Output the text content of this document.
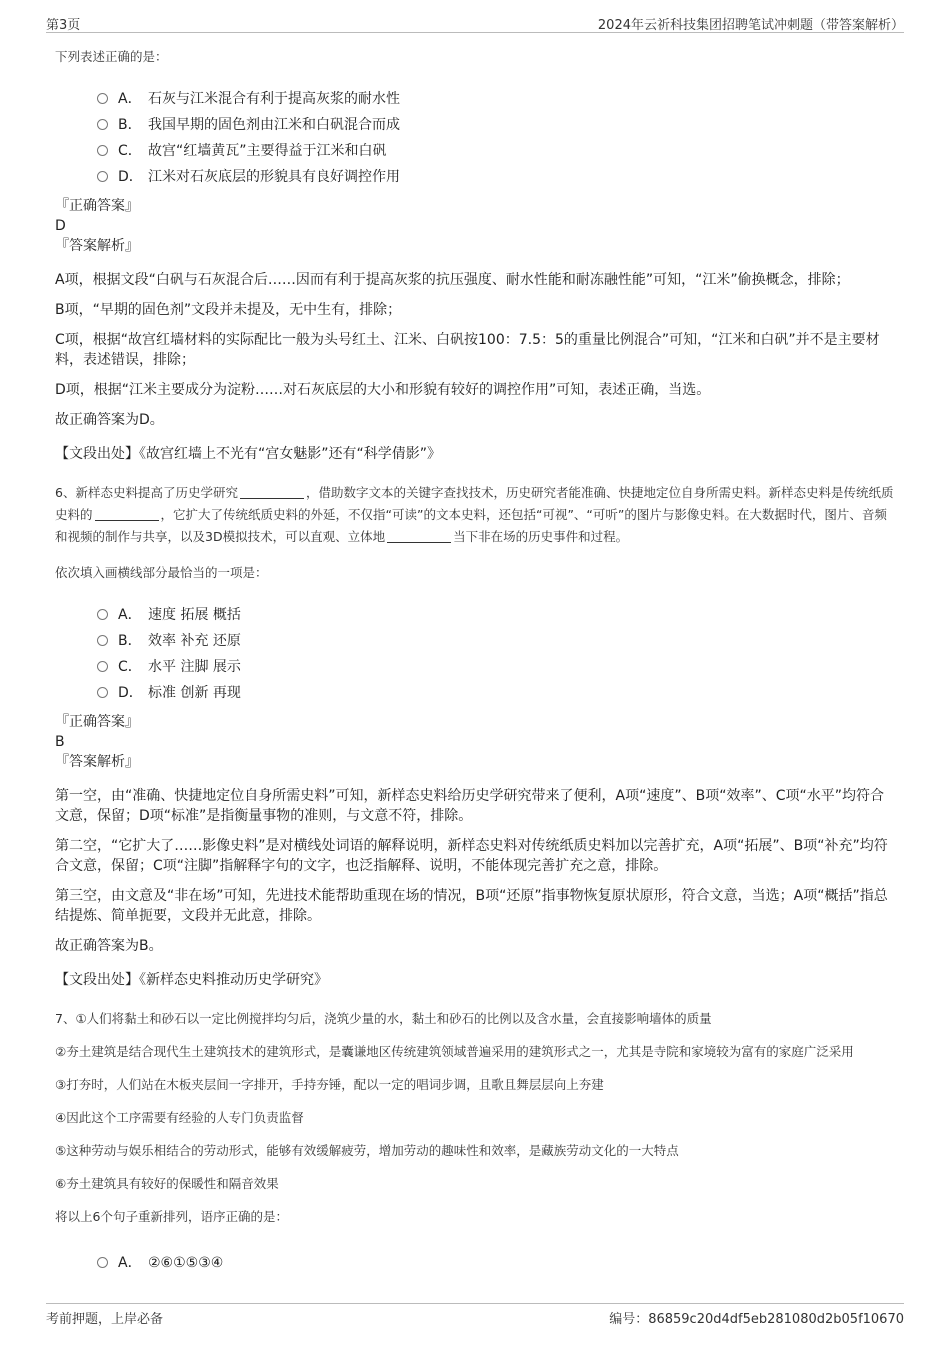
第3页	2024年云祈科技集团招聘笔试冲刺题（带答案解析）

下列表述正确的是：

A． 石灰与江米混合有利于提高灰浆的耐水性
B． 我国早期的固色剂由江米和白矾混合而成
C． 故宫“红墙黄瓦”主要得益于江米和白矾
D． 江米对石灰底层的形貌具有良好调控作用

『正确答案』

D

『答案解析』

A项，根据文段“白矾与石灰混合后……因而有利于提高灰浆的抗压强度、耐水性能和耐冻融性能”可知，“江米”偷换概念，排除；

B项，“早期的固色剂”文段并未提及，无中生有，排除；

C项，根据“故宫红墙材料的实际配比一般为头号红土、江米、白矾按100：7.5：5的重量比例混合”可知，“江米和白矾”并不是主要材料，表述错误，排除；

D项，根据“江米主要成分为淀粉……对石灰底层的大小和形貌有较好的调控作用”可知，表述正确，当选。

故正确答案为D。

【文段出处】《故宫红墙上不光有“宫女魅影”还有“科学倩影”》

6、新样态史料提高了历史学研究	，借助数字文本的关键字查找技术，历史研究者能准确、快捷地定位自身所需史料。新样态史料是传统纸质史料的	，它扩大了传统纸质史料的外延，不仅指“可读”的文本史料，还包括“可视”、“可听”的图片与影像史料。在大数据时代，图片、音频和视频的制作与共享，以及3D模拟技术，可以直观、立体地	当下非在场的历史事件和过程。

依次填入画横线部分最恰当的一项是：

A． 速度 拓展 概括
B． 效率 补充 还原
C． 水平 注脚 展示
D． 标准 创新 再现

『正确答案』

B

『答案解析』

第一空，由“准确、快捷地定位自身所需史料”可知，新样态史料给历史学研究带来了便利，A项“速度”、B项“效率”、C项“水平”均符合文意，保留；D项“标准”是指衡量事物的准则，与文意不符，排除。

第二空，“它扩大了……影像史料”是对横线处词语的解释说明，新样态史料对传统纸质史料加以完善扩充，A项“拓展”、B项“补充”均符合文意，保留；C项“注脚”指解释字句的文字，也泛指解释、说明，不能体现完善扩充之意，排除。

第三空，由文意及“非在场”可知，先进技术能帮助重现在场的情况，B项“还原”指事物恢复原状原形，符合文意，当选；A项“概括”指总结提炼、简单扼要，文段并无此意，排除。

故正确答案为B。

【文段出处】《新样态史料推动历史学研究》

7、①人们将黏土和砂石以一定比例搅拌均匀后，浇筑少量的水，黏土和砂石的比例以及含水量，会直接影响墙体的质量

②夯土建筑是结合现代生土建筑技术的建筑形式，是囊谦地区传统建筑领域普遍采用的建筑形式之一，尤其是寺院和家境较为富有的家庭广泛采用

③打夯时，人们站在木板夹层间一字排开，手持夯锤，配以一定的唱词步调，且歌且舞层层向上夯建

④因此这个工序需要有经验的人专门负责监督

⑤这种劳动与娱乐相结合的劳动形式，能够有效缓解疲劳，增加劳动的趣味性和效率，是藏族劳动文化的一大特点

⑥夯土建筑具有较好的保暖性和隔音效果

将以上6个句子重新排列，语序正确的是：

A． ②⑥①⑤③④
考前押题，上岸必备	编号：86859c20d4df5eb281080d2b05f10670
